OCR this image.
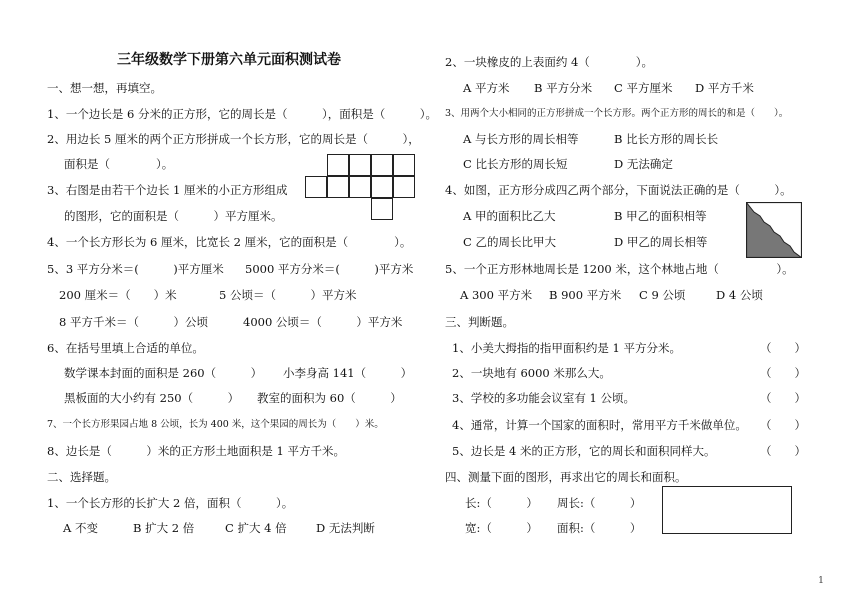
三年级数学下册第六单元面积测试卷
一、想一想，再填空。
1、一个边长是 6 分米的正方形，它的周长是（　　　），面积是（　　　）。
2、用边长 5 厘米的两个正方形拼成一个长方形，它的周长是（　　　），
面积是（　　　　）。
3、右图是由若干个边长 1 厘米的小正方形组成
的图形，它的面积是（　　　）平方厘米。
4、一个长方形长为 6 厘米，比宽长 2 厘米，它的面积是（　　　　）。
5、3 平方分米＝(　　　)平方厘米 5000 平方分米＝(　　　)平方米
200 厘米＝（　　）米	5 公顷＝（　　　）平方米
8 平方千米＝（　　　）公顷	4000 公顷＝（　　　）平方米
6、在括号里填上合适的单位。
数学课本封面的面积是 260（　　　） 小李身高 141（　　　）
黑板面的大小约有 250（　　　） 教室的面积为 60（　　　）
7、一个长方形果园占地 8 公顷，长为 400 米，这个果园的周长为（　　）米。
8、边长是（　　　）米的正方形土地面积是 1 平方千米。
二、选择题。
1、一个长方形的长扩大 2 倍，面积（　　　）。
A 不变	B 扩大 2 倍	C 扩大 4 倍	D 无法判断
2、一块橡皮的上表面约 4（　　　　）。
A 平方米 B 平方分米 C 平方厘米 D 平方千米
3、用两个大小相同的正方形拼成一个长方形。两个正方形的周长的和是（　　）。
A 与长方形的周长相等	B 比长方形的周长长
C 比长方形的周长短	D 无法确定
4、如图，正方形分成四乙两个部分，下面说法正确的是（　　　）。
A 甲的面积比乙大	B 甲乙的面积相等
C 乙的周长比甲大	D 甲乙的周长相等
5、一个正方形林地周长是 1200 米，这个林地占地（　　　　　）。
A 300 平方米 B 900 平方米 C 9 公顷	D 4 公顷
三、判断题。
1、小美大拇指的指甲面积约是 1 平方分米。	（　　）
2、一块地有 6000 米那么大。	（　　）
3、学校的多功能会议室有 1 公顷。	（　　）
4、通常，计算一个国家的面积时，常用平方千米做单位。 （　　）
5、边长是 4 米的正方形，它的周长和面积同样大。	（　　）
四、测量下面的图形，再求出它的周长和面积。
长:（　　　） 周长:（　　　）
宽:（　　　） 面积:（　　　）
1
